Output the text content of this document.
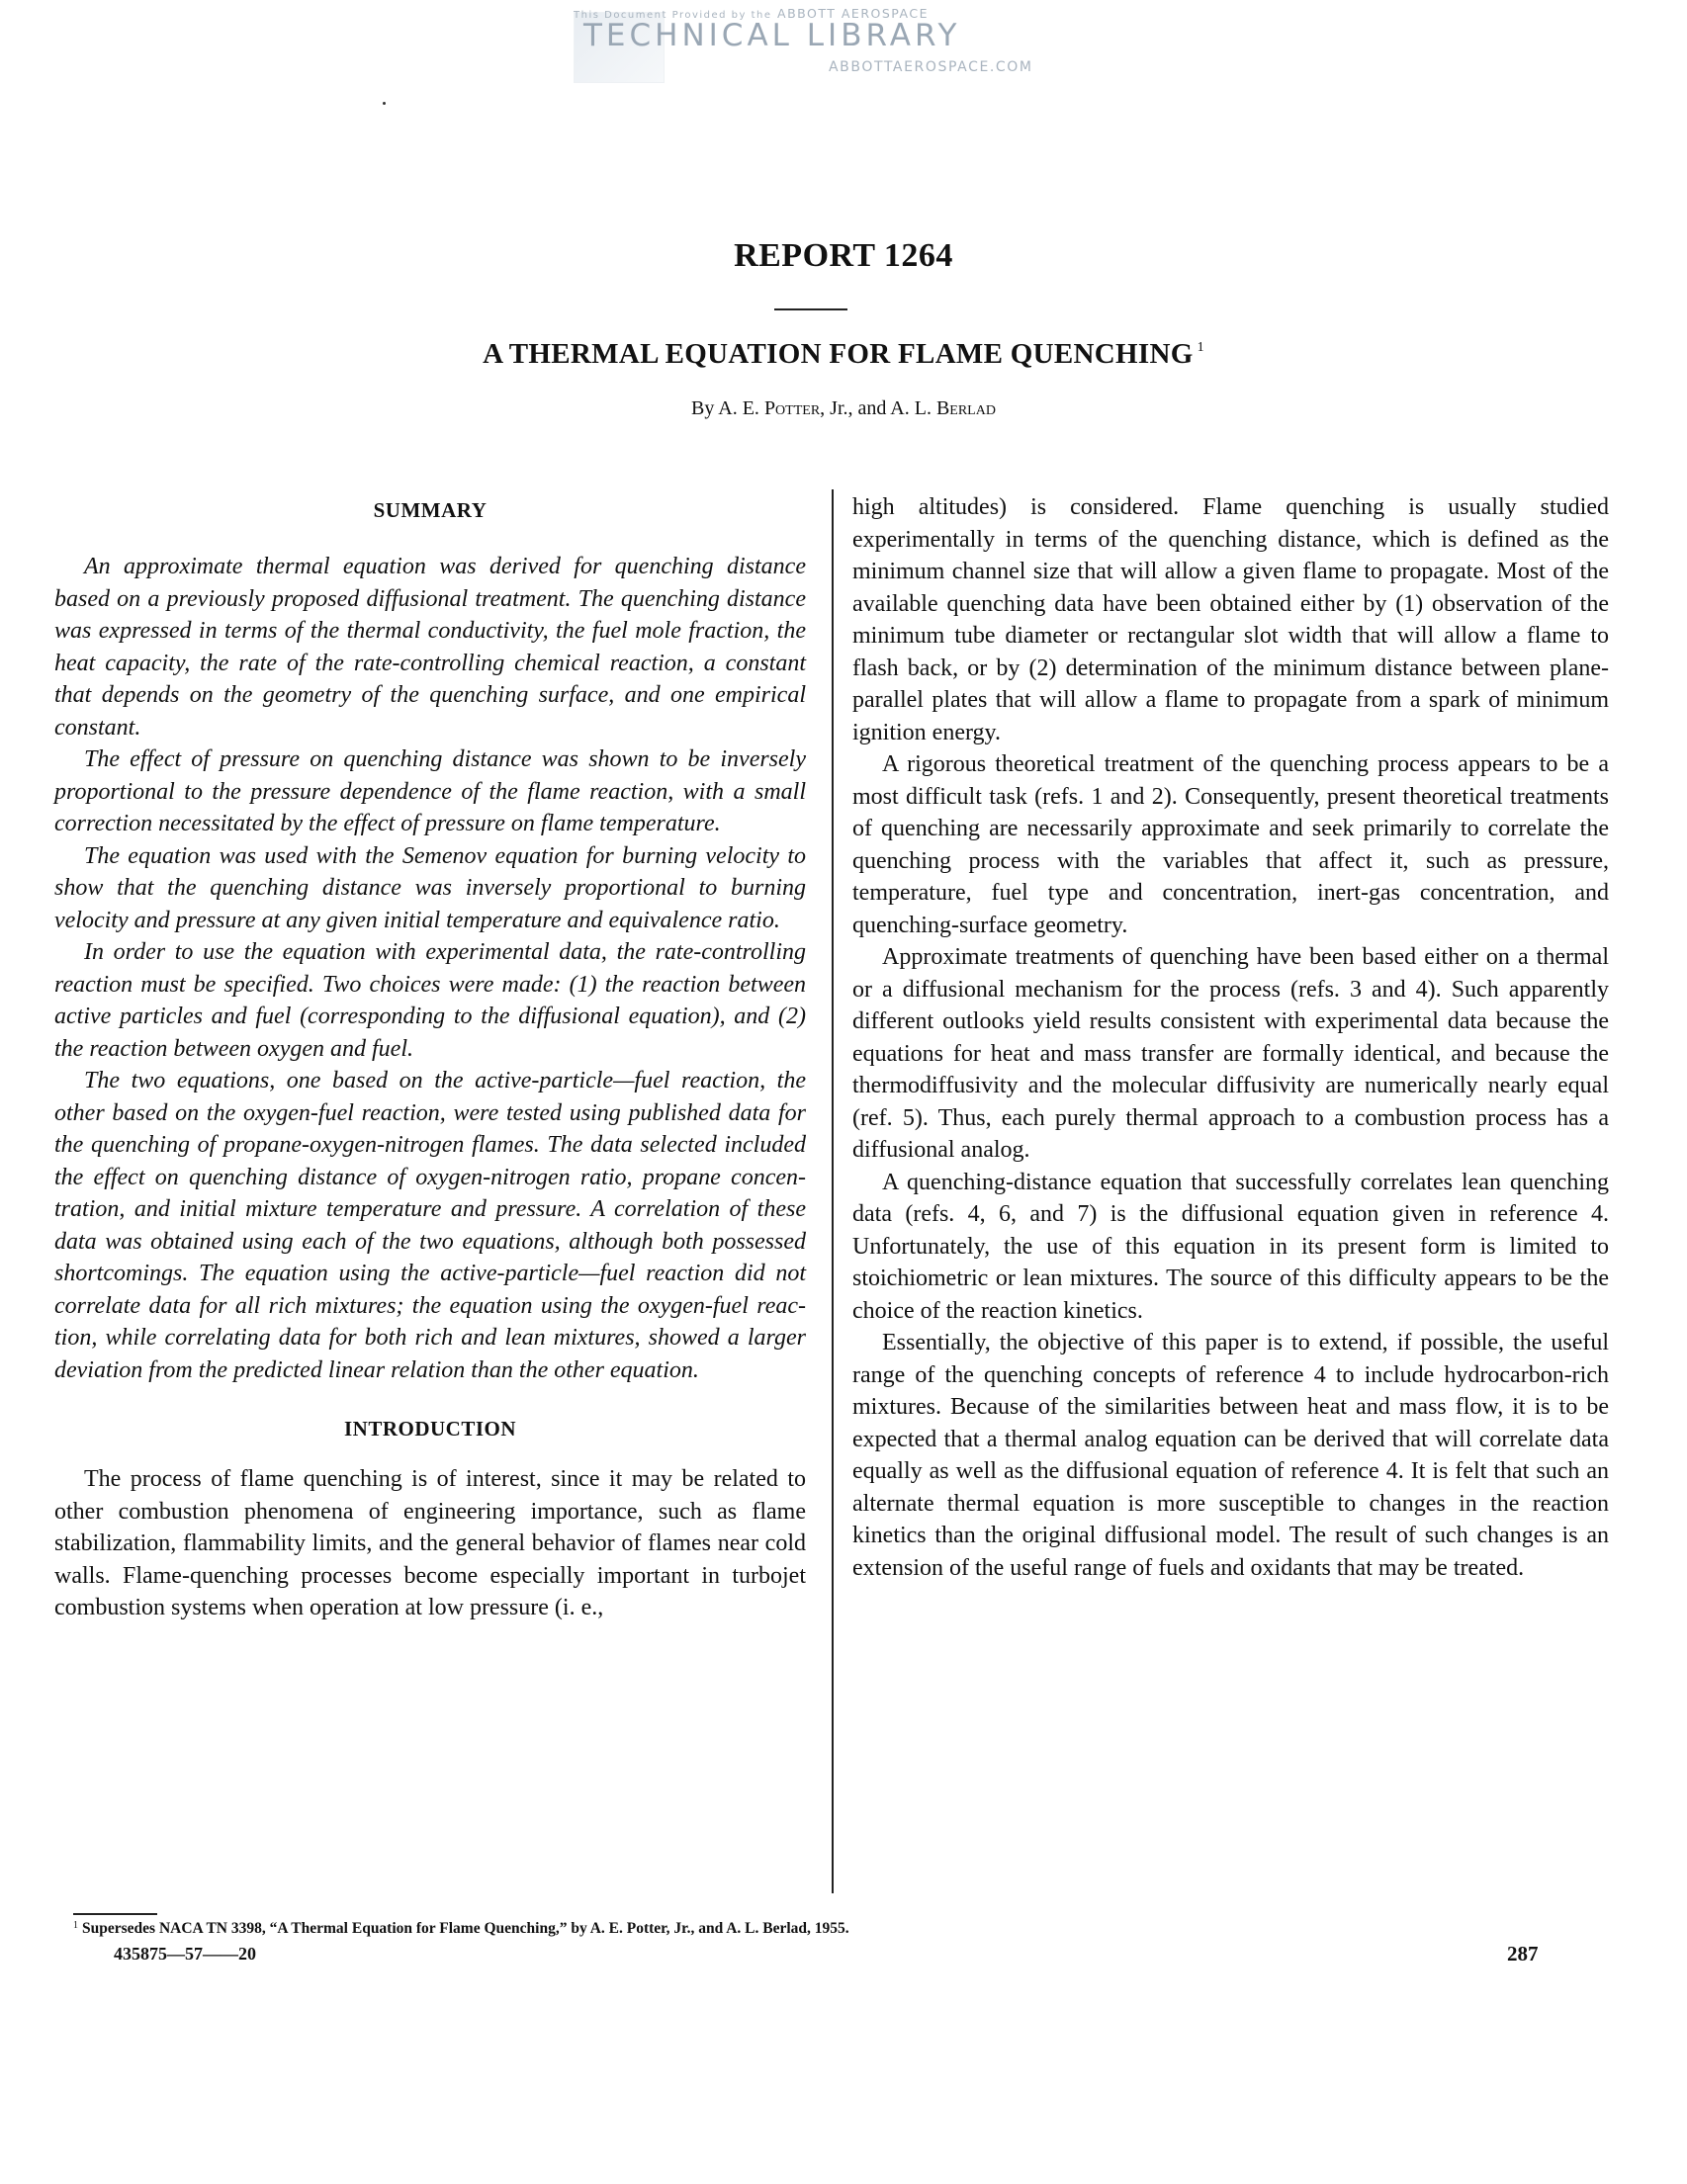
This Document Provided by the ABBOTT AEROSPACE
TECHNICAL LIBRARY
ABBOTTAEROSPACE.COM
REPORT 1264
A THERMAL EQUATION FOR FLAME QUENCHING $^1$
By A. E. Potter, Jr., and A. L. Berlad
SUMMARY

An approximate thermal equation was derived for quenching distance based on a previously proposed diffusional treatment. The quenching distance was expressed in terms of the thermal conductivity, the fuel mole fraction, the heat capacity, the rate of the rate-controlling chemical reaction, a constant that depends on the geometry of the quenching surface, and one empirical constant.

The effect of pressure on quenching distance was shown to be inversely proportional to the pressure dependence of the flame reaction, with a small correction necessitated by the effect of pressure on flame temperature.

The equation was used with the Semenov equation for burning velocity to show that the quenching distance was inversely proportional to burning velocity and pressure at any given initial temperature and equivalence ratio.

In order to use the equation with experimental data, the rate-controlling reaction must be specified. Two choices were made: (1) the reaction between active particles and fuel (corresponding to the diffusional equation), and (2) the reaction between oxygen and fuel.

The two equations, one based on the active-particle—fuel reaction, the other based on the oxygen-fuel reaction, were tested using published data for the quenching of propane-oxygen-nitrogen flames. The data selected included the effect on quenching distance of oxygen-nitrogen ratio, propane concentration, and initial mixture temperature and pressure. A correlation of these data was obtained using each of the two equations, although both possessed shortcomings. The equation using the active-particle—fuel reaction did not correlate data for all rich mixtures; the equation using the oxygen-fuel reaction, while correlating data for both rich and lean mixtures, showed a larger deviation from the predicted linear relation than the other equation.

INTRODUCTION

The process of flame quenching is of interest, since it may be related to other combustion phenomena of engineering importance, such as flame stabilization, flammability limits, and the general behavior of flames near cold walls. Flame-quenching processes become especially important in turbojet combustion systems when operation at low pressure (i. e.,

high altitudes) is considered. Flame quenching is usually studied experimentally in terms of the quenching distance, which is defined as the minimum channel size that will allow a given flame to propagate. Most of the available quenching data have been obtained either by (1) observation of the minimum tube diameter or rectangular slot width that will allow a flame to flash back, or by (2) determination of the minimum distance between plane-parallel plates that will allow a flame to propagate from a spark of minimum ignition energy.

A rigorous theoretical treatment of the quenching process appears to be a most difficult task (refs. 1 and 2). Consequently, present theoretical treatments of quenching are necessarily approximate and seek primarily to correlate the quenching process with the variables that affect it, such as pressure, temperature, fuel type and concentration, inert-gas concentration, and quenching-surface geometry.

Approximate treatments of quenching have been based either on a thermal or a diffusional mechanism for the process (refs. 3 and 4). Such apparently different outlooks yield results consistent with experimental data because the equations for heat and mass transfer are formally identical, and because the thermodiffusivity and the molecular diffusivity are numerically nearly equal (ref. 5). Thus, each purely thermal approach to a combustion process has a diffusional analog.

A quenching-distance equation that successfully correlates lean quenching data (refs. 4, 6, and 7) is the diffusional equation given in reference 4. Unfortunately, the use of this equation in its present form is limited to stoichiometric or lean mixtures. The source of this difficulty appears to be the choice of the reaction kinetics.

Essentially, the objective of this paper is to extend, if possible, the useful range of the quenching concepts of reference 4 to include hydrocarbon-rich mixtures. Because of the similarities between heat and mass flow, it is to be expected that a thermal analog equation can be derived that will correlate data equally as well as the diffusional equation of reference 4. It is felt that such an alternate thermal equation is more susceptible to changes in the reaction kinetics than the original diffusional model. The result of such changes is an extension of the useful range of fuels and oxidants that may be treated.

$^1$ Supersedes NACA TN 3398, “A Thermal Equation for Flame Quenching,” by A. E. Potter, Jr., and A. L. Berlad, 1955.
435875—57——20	287
